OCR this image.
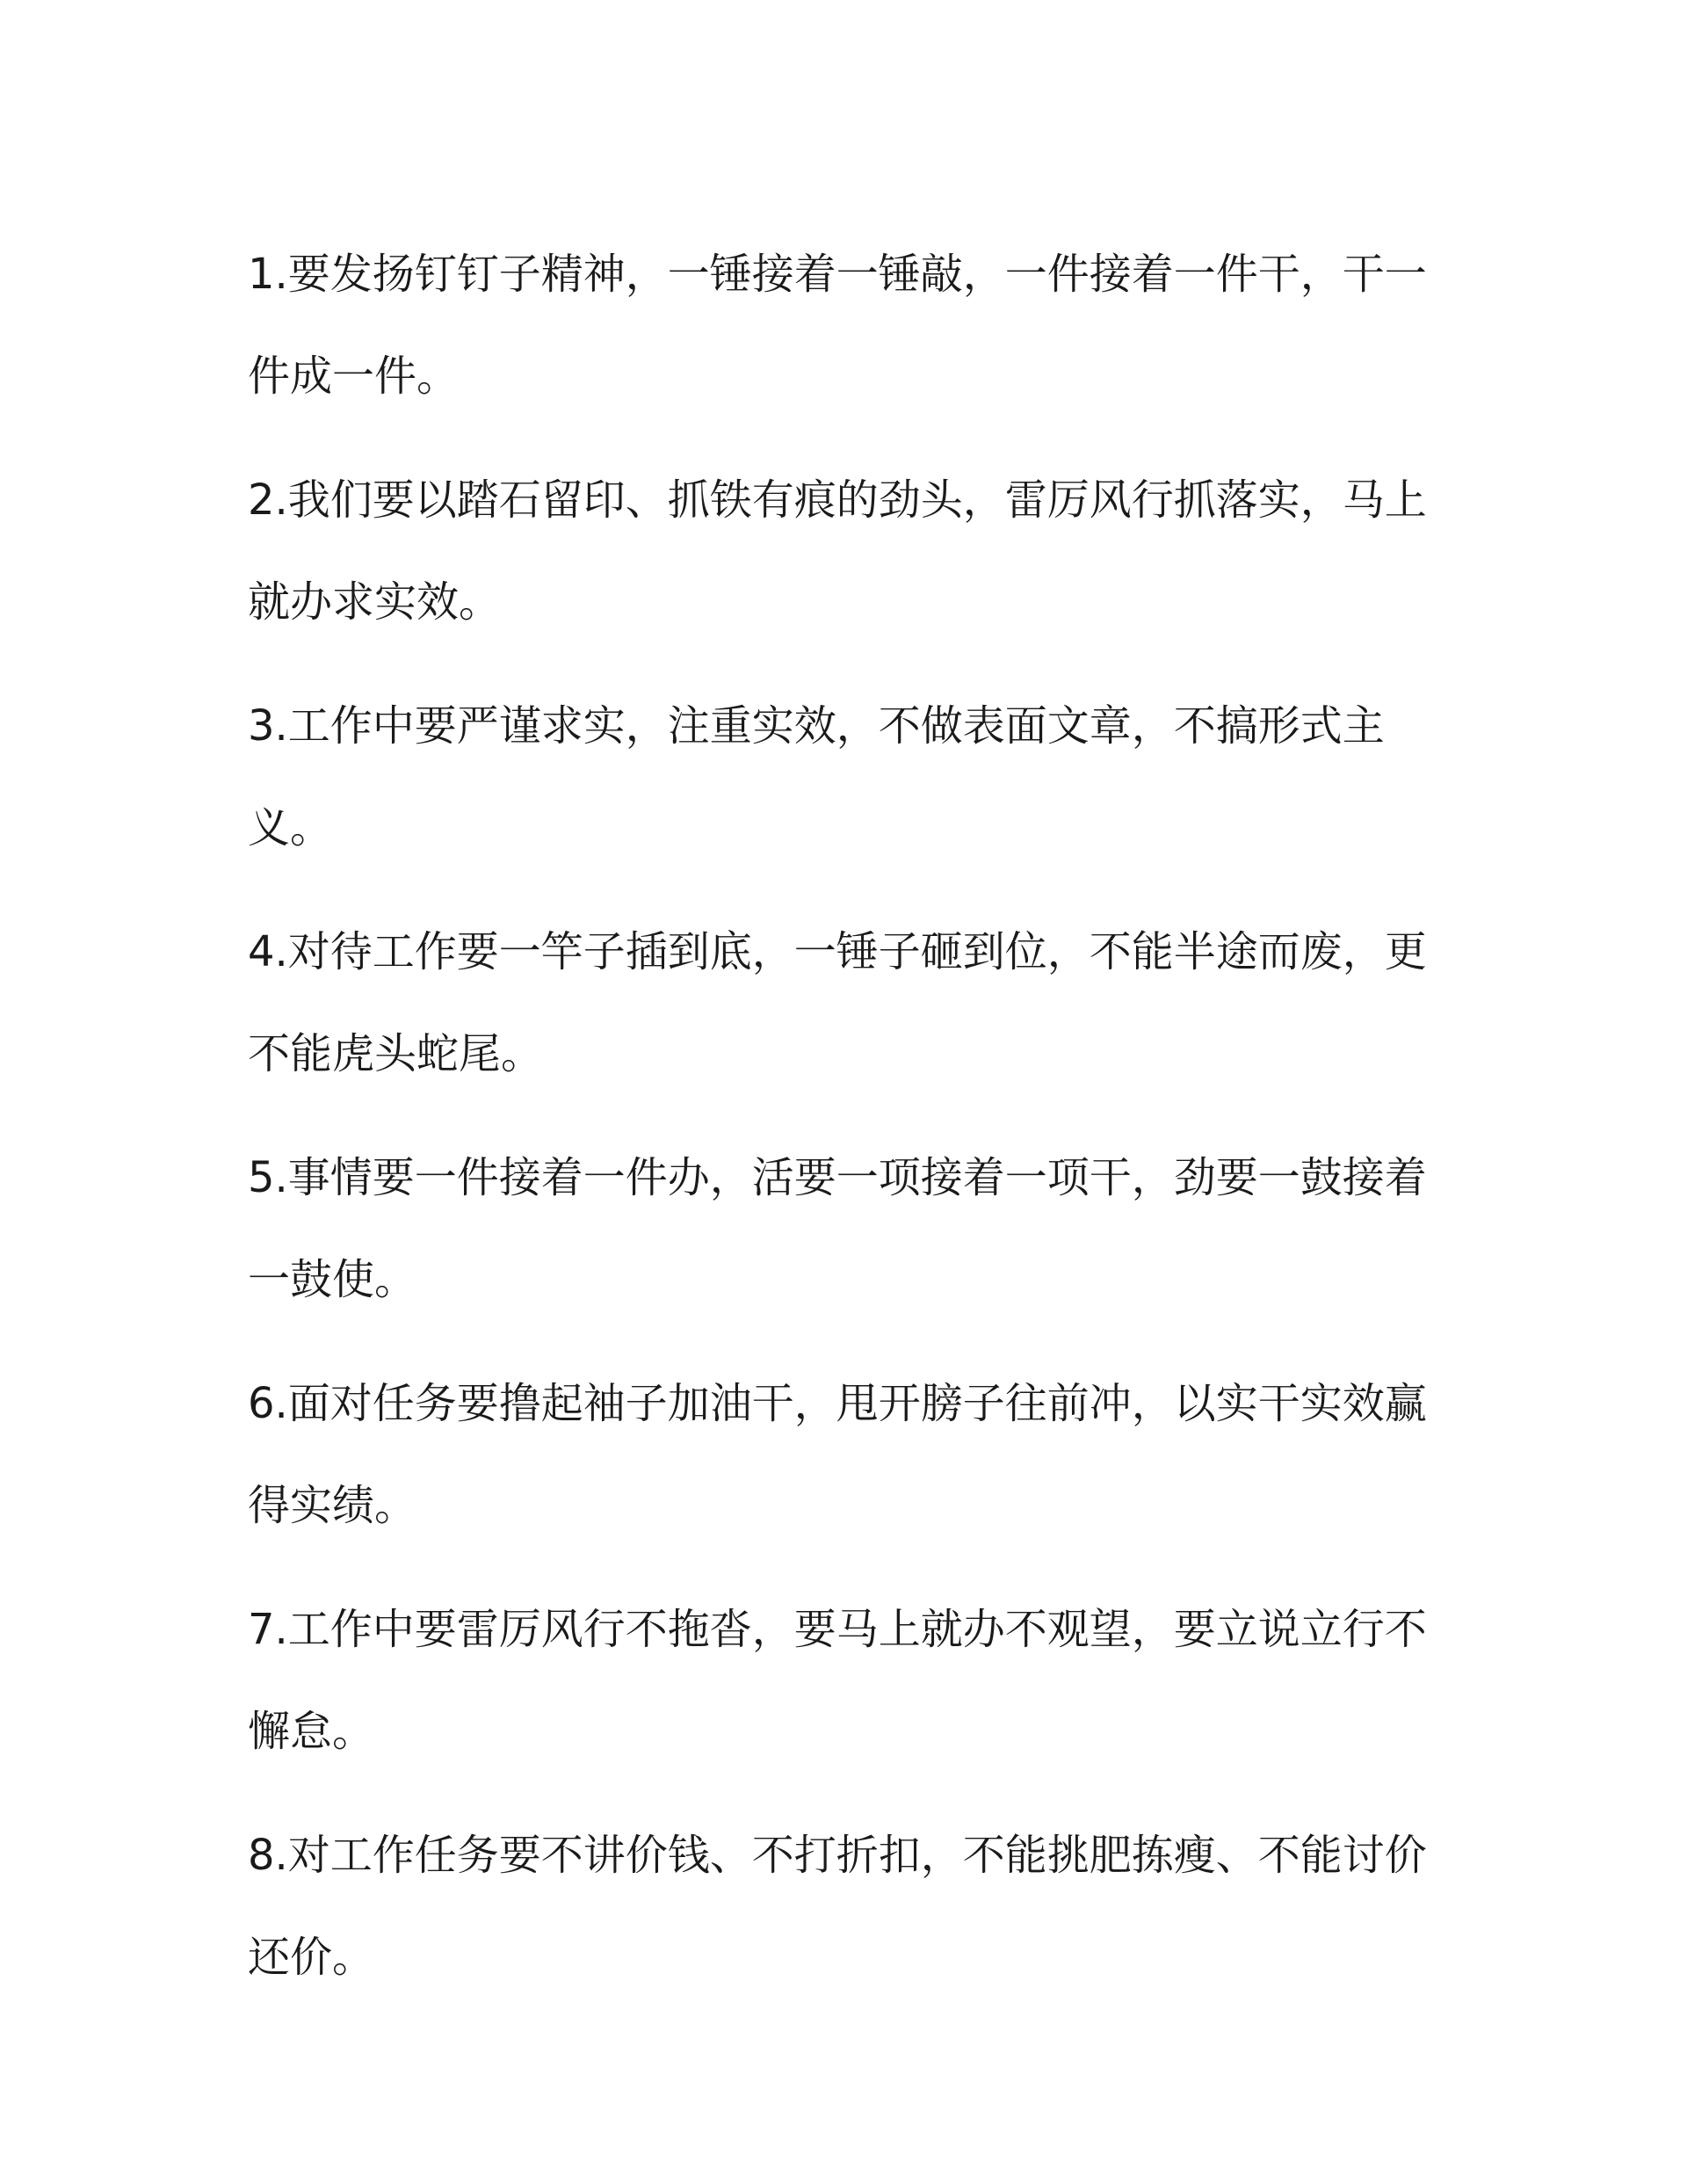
1.要发扬钉钉子精神，一锤接着一锤敲，一件接着一件干，干一件成一件。

2.我们要以踏石留印、抓铁有痕的劲头，雷厉风行抓落实，马上就办求实效。

3.工作中要严谨求实，注重实效，不做表面文章，不搞形式主义。

4.对待工作要一竿子插到底，一锤子砸到位，不能半途而废，更不能虎头蛇尾。

5.事情要一件接着一件办，活要一项接着一项干，劲要一鼓接着一鼓使。

6.面对任务要撸起袖子加油干，甩开膀子往前冲，以实干实效赢得实绩。

7.工作中要雷厉风行不拖沓，要马上就办不观望，要立说立行不懈怠。

8.对工作任务要不讲价钱、不打折扣，不能挑肥拣瘦、不能讨价还价。
